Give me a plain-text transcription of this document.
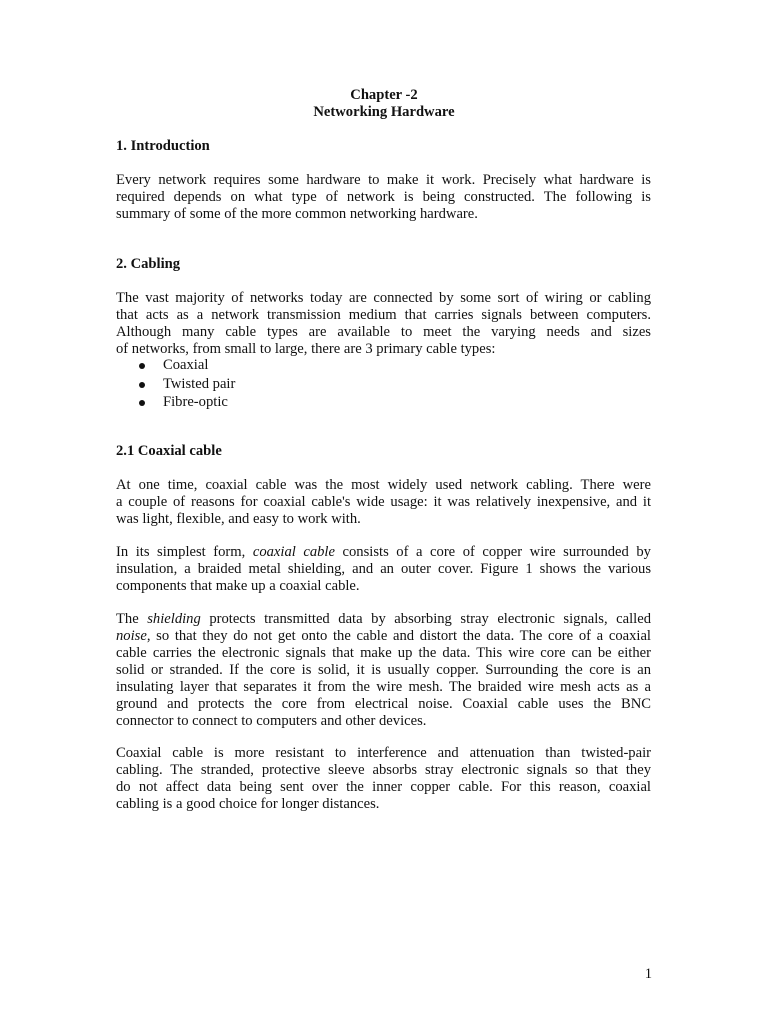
Chapter -2
Networking Hardware
1. Introduction
Every network requires some hardware to make it work. Precisely what hardware is
required depends on what type of network is being constructed. The following is
summary of some of the more common networking hardware.
2. Cabling
The vast majority of networks today are connected by some sort of wiring or cabling
that acts as a network transmission medium that carries signals between computers.
Although many cable types are available to meet the varying needs and sizes
of networks, from small to large, there are 3 primary cable types:
Coaxial
Twisted pair
Fibre-optic
2.1 Coaxial cable
At one time, coaxial cable was the most widely used network cabling. There were
a couple of reasons for coaxial cable's wide usage: it was relatively inexpensive, and it
was light, flexible, and easy to work with.
In its simplest form, coaxial cable consists of a core of copper wire surrounded by
insulation, a braided metal shielding, and an outer cover. Figure 1 shows the various
components that make up a coaxial cable.
The shielding protects transmitted data by absorbing stray electronic signals, called
noise, so that they do not get onto the cable and distort the data. The core of a coaxial
cable carries the electronic signals that make up the data. This wire core can be either
solid or stranded. If the core is solid, it is usually copper. Surrounding the core is an
insulating layer that separates it from the wire mesh. The braided wire mesh acts as a
ground and protects the core from electrical noise. Coaxial cable uses the BNC
connector to connect to computers and other devices.
Coaxial cable is more resistant to interference and attenuation than twisted-pair
cabling. The stranded, protective sleeve absorbs stray electronic signals so that they
do not affect data being sent over the inner copper cable. For this reason, coaxial
cabling is a good choice for longer distances.
1
